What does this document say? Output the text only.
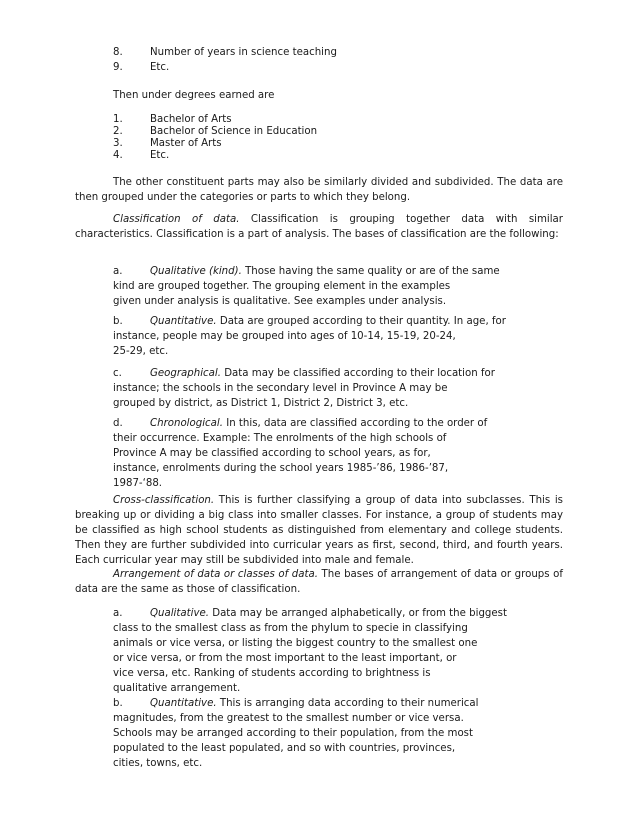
8.	Number of years in science teaching
9.	Etc.
Then under degrees earned are
1.	Bachelor of Arts
2.	Bachelor of Science in Education
3.	Master of Arts
4.	Etc.
The other constituent parts may also be similarly divided and subdivided. The data are then grouped under the categories or parts to which they belong.
Classification of data. Classification is grouping together data with similar characteristics. Classification is a part of analysis. The bases of classification are the following:
a.	Qualitative (kind). Those having the same quality or are of the same
kind are grouped together. The grouping element in the examples
given under analysis is qualitative. See examples under analysis.
b.	Quantitative. Data are grouped according to their quantity. In age, for
instance, people may be grouped into ages of 10-14, 15-19, 20-24,
25-29, etc.
c.	Geographical. Data may be classified according to their location for
instance; the schools in the secondary level in Province A may be
grouped by district, as District 1, District 2, District 3, etc.
d.	Chronological. In this, data are classified according to the order of
their occurrence. Example: The enrolments of the high schools of
Province A may be classified according to school years, as for,
instance, enrolments during the school years 1985-’86, 1986-’87,
1987-‘88.
Cross-classification. This is further classifying a group of data into subclasses. This is breaking up or dividing a big class into smaller classes. For instance, a group of students may be classified as high school students as distinguished from elementary and college students. Then they are further subdivided into curricular years as first, second, third, and fourth years. Each curricular year may still be subdivided into male and female.
Arrangement of data or classes of data. The bases of arrangement of data or groups of data are the same as those of classification.
a.	Qualitative. Data may be arranged alphabetically, or from the biggest
class to the smallest class as from the phylum to specie in classifying
animals or vice versa, or listing the biggest country to the smallest one
or vice versa, or from the most important to the least important, or
vice versa, etc. Ranking of students according to brightness is
qualitative arrangement.
b.	Quantitative. This is arranging data according to their numerical
magnitudes, from the greatest to the smallest number or vice versa.
Schools may be arranged according to their population, from the most
populated to the least populated, and so with countries, provinces,
cities, towns, etc.
